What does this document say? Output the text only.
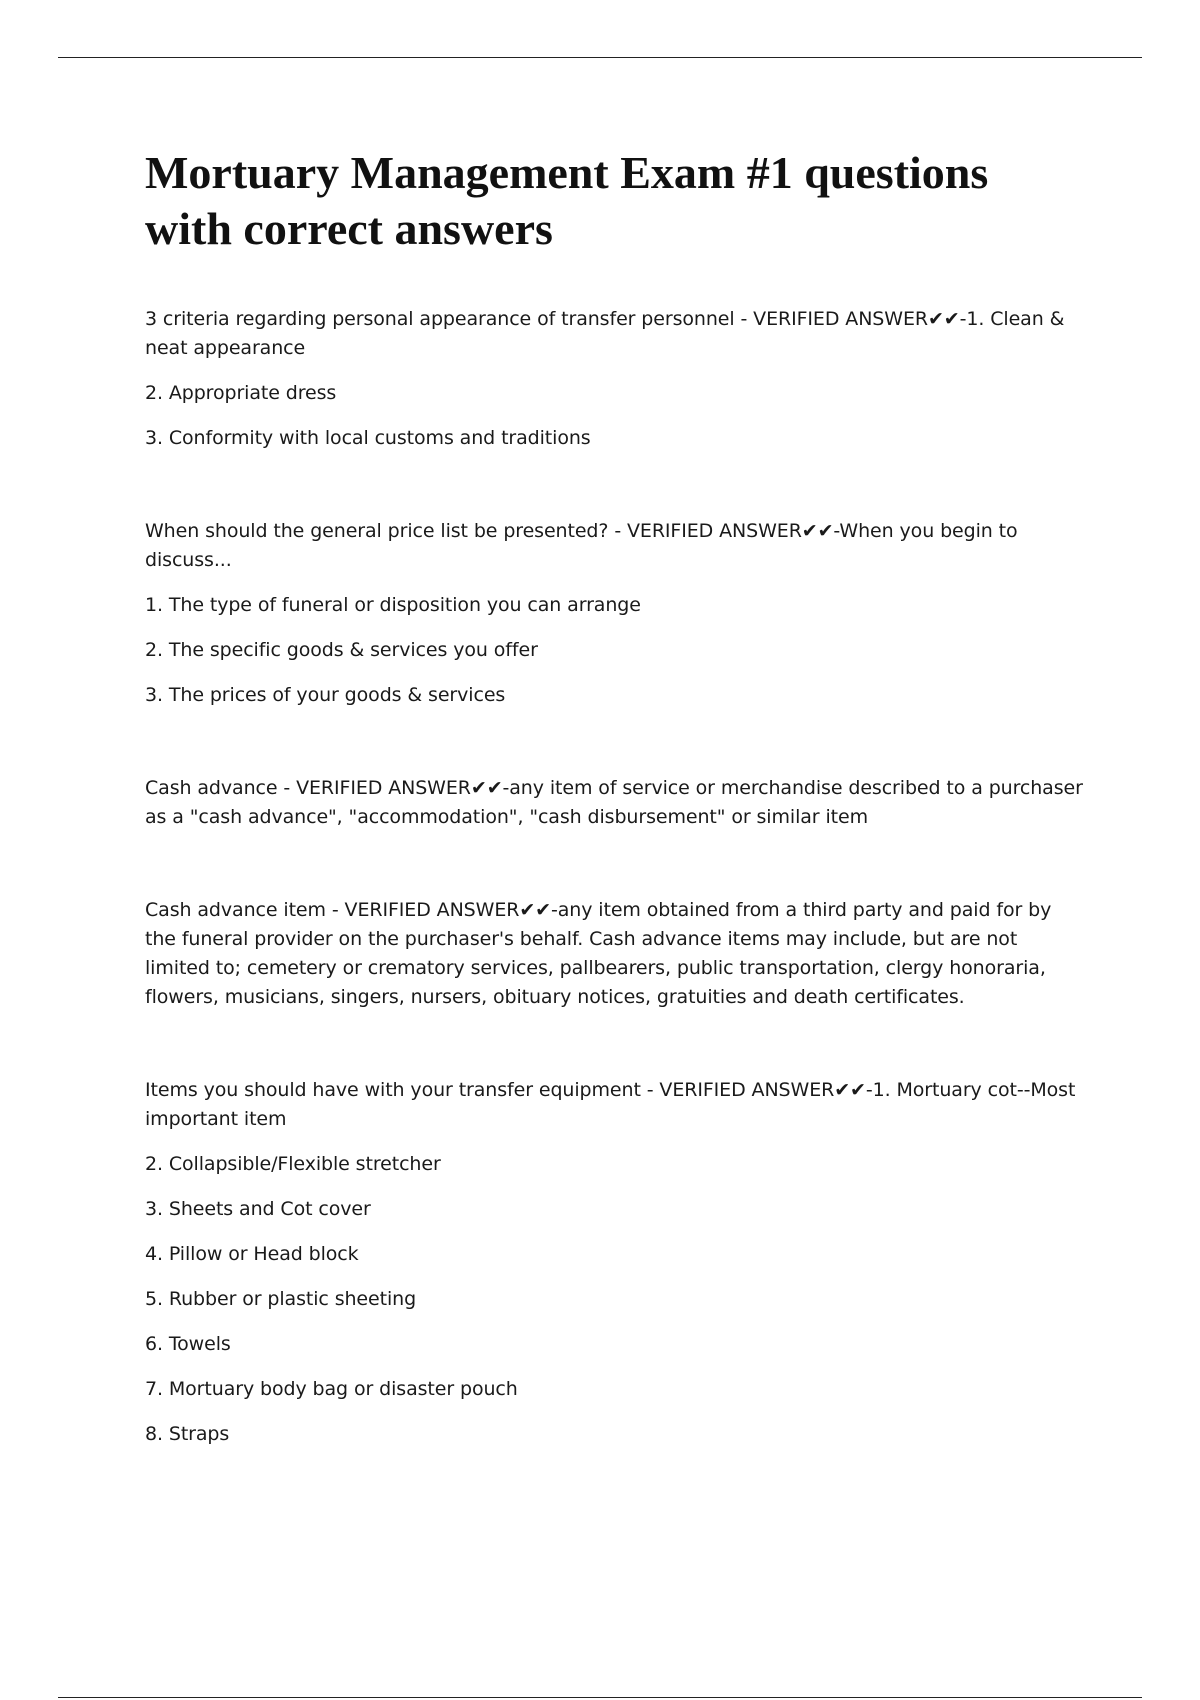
Mortuary Management Exam #1 questions with correct answers

3 criteria regarding personal appearance of transfer personnel - VERIFIED ANSWER✔✔-1. Clean & neat appearance

2. Appropriate dress

3. Conformity with local customs and traditions

When should the general price list be presented? - VERIFIED ANSWER✔✔-When you begin to discuss...

1. The type of funeral or disposition you can arrange

2. The specific goods & services you offer

3. The prices of your goods & services

Cash advance - VERIFIED ANSWER✔✔-any item of service or merchandise described to a purchaser as a "cash advance", "accommodation", "cash disbursement" or similar item

Cash advance item - VERIFIED ANSWER✔✔-any item obtained from a third party and paid for by the funeral provider on the purchaser's behalf. Cash advance items may include, but are not limited to; cemetery or crematory services, pallbearers, public transportation, clergy honoraria, flowers, musicians, singers, nursers, obituary notices, gratuities and death certificates.

Items you should have with your transfer equipment - VERIFIED ANSWER✔✔-1. Mortuary cot--Most important item

2. Collapsible/Flexible stretcher

3. Sheets and Cot cover

4. Pillow or Head block

5. Rubber or plastic sheeting

6. Towels

7. Mortuary body bag or disaster pouch

8. Straps
